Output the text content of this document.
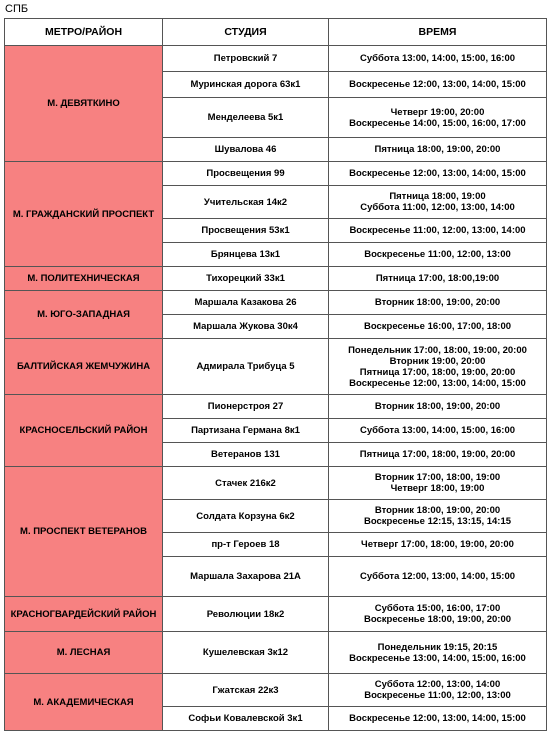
СПБ
МЕТРО/РАЙОН	СТУДИЯ	ВРЕМЯ
М. ДЕВЯТКИНО	Петровский 7	Суббота 13:00, 14:00, 15:00, 16:00

	Муринская дорога 63к1	Воскресенье 12:00, 13:00, 14:00, 15:00

	Менделеева 5к1	Четверг 19:00, 20:00
Воскресенье 14:00, 15:00, 16:00, 17:00

	Шувалова 46	Пятница 18:00, 19:00, 20:00

М. ГРАЖДАНСКИЙ ПРОСПЕКТ	Просвещения 99	Воскресенье 12:00, 13:00, 14:00, 15:00

	Учительская 14к2	Пятница 18:00, 19:00
Суббота 11:00, 12:00, 13:00, 14:00

	Просвещения 53к1	Воскресенье 11:00, 12:00, 13:00, 14:00

	Брянцева 13к1	Воскресенье 11:00, 12:00, 13:00

М. ПОЛИТЕХНИЧЕСКАЯ	Тихорецкий 33к1	Пятница 17:00, 18:00,19:00

М. ЮГО-ЗАПАДНАЯ	Маршала Казакова 26	Вторник 18:00, 19:00, 20:00

	Маршала Жукова 30к4	Воскресенье 16:00, 17:00, 18:00

БАЛТИЙСКАЯ ЖЕМЧУЖИНА	Адмирала Трибуца 5	Понедельник 17:00, 18:00, 19:00, 20:00
Вторник 19:00, 20:00
Пятница 17:00, 18:00, 19:00, 20:00
Воскресенье 12:00, 13:00, 14:00, 15:00

КРАСНОСЕЛЬСКИЙ РАЙОН	Пионерстроя 27	Вторник 18:00, 19:00, 20:00

	Партизана Германа 8к1	Суббота 13:00, 14:00, 15:00, 16:00

	Ветеранов 131	Пятница 17:00, 18:00, 19:00, 20:00

М. ПРОСПЕКТ ВЕТЕРАНОВ	Стачек 216к2	Вторник 17:00, 18:00, 19:00
Четверг 18:00, 19:00

	Солдата Корзуна 6к2	Вторник 18:00, 19:00, 20:00
Воскресенье 12:15, 13:15, 14:15

	пр-т Героев 18	Четверг 17:00, 18:00, 19:00, 20:00

	Маршала Захарова 21А	Суббота 12:00, 13:00, 14:00, 15:00

КРАСНОГВАРДЕЙСКИЙ РАЙОН	Революции 18к2	Суббота 15:00, 16:00, 17:00
Воскресенье 18:00, 19:00, 20:00

М. ЛЕСНАЯ	Кушелевская 3к12	Понедельник 19:15, 20:15
Воскресенье 13:00, 14:00, 15:00, 16:00

М. АКАДЕМИЧЕСКАЯ	Гжатская 22к3	Суббота 12:00, 13:00, 14:00
Воскресенье 11:00, 12:00, 13:00

	Софьи Ковалевской 3к1	Воскресенье 12:00, 13:00, 14:00, 15:00
